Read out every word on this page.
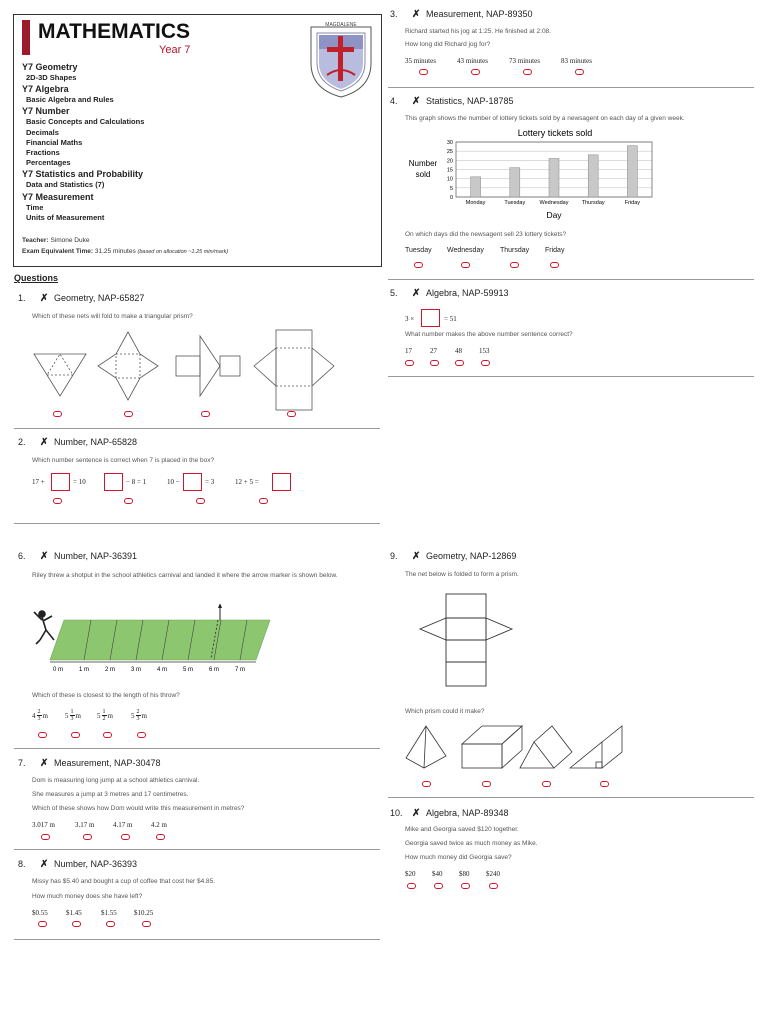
MATHEMATICS
Year 7
MAGDALENE
Y7 Geometry
2D-3D Shapes
Y7 Algebra
Basic Algebra and Rules
Y7 Number
Basic Concepts and Calculations
Decimals
Financial Maths
Fractions
Percentages
Y7 Statistics and Probability
Data and Statistics (7)
Y7 Measurement
Time
Units of Measurement
Teacher: Simone Duke
Exam Equivalent Time: 31.25 minutes (based on allocation ~1.25 min/mark)
Questions
1. ✗ Geometry, NAP-65827
Which of these nets will fold to make a triangular prism?
2. ✗ Number, NAP-65828
Which number sentence is correct when 7 is placed in the box?
17 +	= 10	− 8 = 1	10 −	= 3	12 + 5 =
3. ✗ Measurement, NAP-89350
Richard started his jog at 1:25. He finished at 2:08.
How long did Richard jog for?
35 minutes	43 minutes	73 minutes	83 minutes
4. ✗ Statistics, NAP-18785
This graph shows the number of lottery tickets sold by a newsagent on each day of a given week.
Lottery tickets sold
0
5
10
15
20
25
30
Monday	Tuesday	Wednesday Thursday	Friday
Number sold
Day
On which days did the newsagent sell 23 lottery tickets?
Tuesday Wednesday Thursday Friday
5. ✗ Algebra, NAP-59913
3 ×	= 51
What number makes the above number sentence correct?
17	27	48 153
6. ✗ Number, NAP-36391
Riley threw a shotput in the school athletics carnival and landed it where the arrow marker is shown below.
0 m	1 m	2 m	3 m	4 m	5 m	6 m	7 m
Which of these is closest to the length of his throw?
$4 \frac{2}{3}$ m $5 \frac{1}{3}$ m $5 \frac{1}{2}$ m	$5 \frac{2}{3}$ m
7. ✗ Measurement, NAP-30478
Dom is measuring long jump at a school athletics carnival.
She measures a jump at 3 metres and 17 centimetres.
Which of these shows how Dom would write this measurement in metres?
3.017 m	3.17 m	4.17 m	4.2 m
8. ✗ Number, NAP-36393
Missy has $5.40 and bought a cup of coffee that cost her $4.85.
How much money does she have left?
$0.55	$1.45	$1.55 $10.25
9. ✗ Geometry, NAP-12869
The net below is folded to form a prism.
Which prism could it make?
10. ✗ Algebra, NAP-89348
Mike and Georgia saved $120 together.
Georgia saved twice as much money as Mike.
How much money did Georgia save?
$20 $40 $80 $240
